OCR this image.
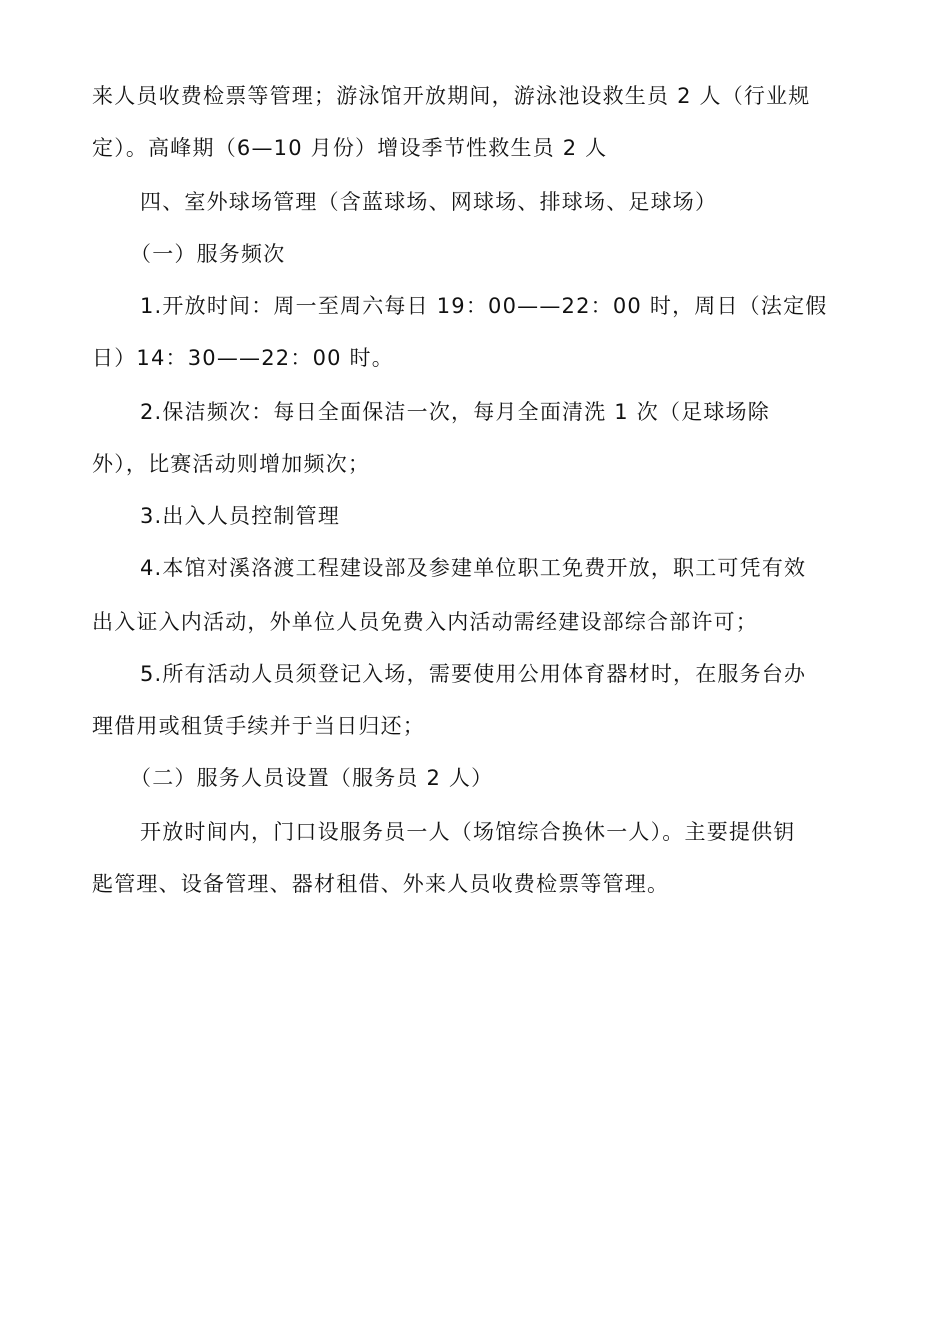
来人员收费检票等管理；游泳馆开放期间，游泳池设救生员 2 人（行业规
定）。高峰期（6—10 月份）增设季节性救生员 2 人
四、室外球场管理（含蓝球场、网球场、排球场、足球场）
（一）服务频次
1.开放时间：周一至周六每日 19：00——22：00 时，周日（法定假
日）14：30——22：00 时。
2.保洁频次：每日全面保洁一次，每月全面清洗 1 次（足球场除
外），比赛活动则增加频次；
3.出入人员控制管理
4.本馆对溪洛渡工程建设部及参建单位职工免费开放，职工可凭有效
出入证入内活动，外单位人员免费入内活动需经建设部综合部许可；
5.所有活动人员须登记入场，需要使用公用体育器材时，在服务台办
理借用或租赁手续并于当日归还；
（二）服务人员设置（服务员 2 人）
开放时间内，门口设服务员一人（场馆综合换休一人）。主要提供钥
匙管理、设备管理、器材租借、外来人员收费检票等管理。
